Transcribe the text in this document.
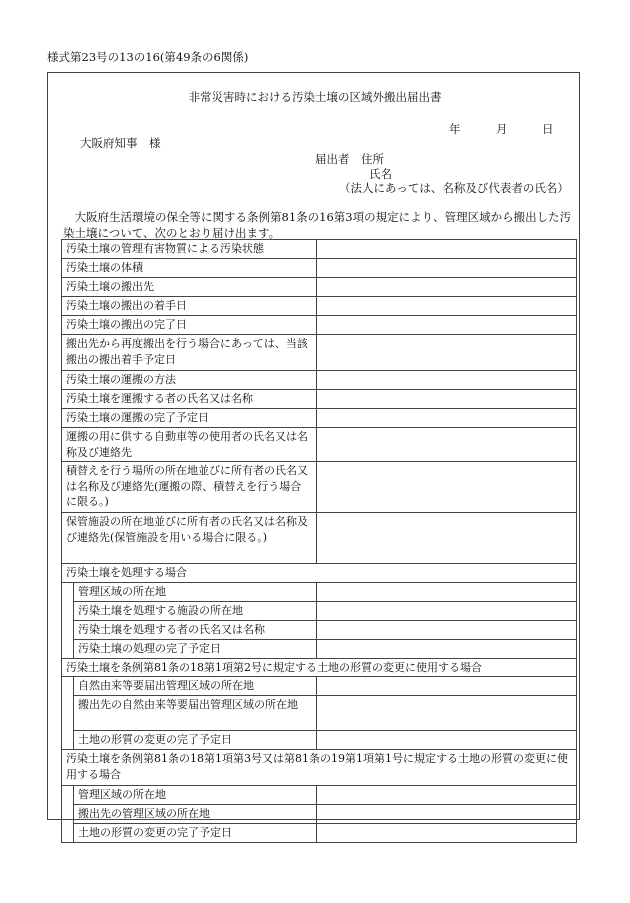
様式第23号の13の16(第49条の6関係)
非常災害時における汚染土壌の区域外搬出届出書
年	月	日
大阪府知事　様
届出者　住所
氏名
（法人にあっては、名称及び代表者の氏名）
大阪府生活環境の保全等に関する条例第81条の16第3項の規定により、管理区域から搬出した汚染土壌について、次のとおり届け出ます。
汚染土壌の管理有害物質による汚染状態		
汚染土壌の体積		
汚染土壌の搬出先		
汚染土壌の搬出の着手日		
汚染土壌の搬出の完了日		
搬出先から再度搬出を行う場合にあっては、当該搬出の搬出着手予定日		
汚染土壌の運搬の方法		
汚染土壌を運搬する者の氏名又は名称		
汚染土壌の運搬の完了予定日		
運搬の用に供する自動車等の使用者の氏名又は名称及び連絡先		
積替えを行う場所の所在地並びに所有者の氏名又は名称及び連絡先(運搬の際、積替えを行う場合に限る。)		
保管施設の所在地並びに所有者の氏名又は名称及び連絡先(保管施設を用いる場合に限る。)		
汚染土壌を処理する場合		
	管理区域の所在地	
	汚染土壌を処理する施設の所在地	
	汚染土壌を処理する者の氏名又は名称	
	汚染土壌の処理の完了予定日	
汚染土壌を条例第81条の18第1項第2号に規定する土地の形質の変更に使用する場合		
	自然由来等要届出管理区域の所在地	
	搬出先の自然由来等要届出管理区域の所在地	
	土地の形質の変更の完了予定日	
汚染土壌を条例第81条の18第1項第3号又は第81条の19第1項第1号に規定する土地の形質の変更に使用する場合		
	管理区域の所在地	
	搬出先の管理区域の所在地	
	土地の形質の変更の完了予定日	
